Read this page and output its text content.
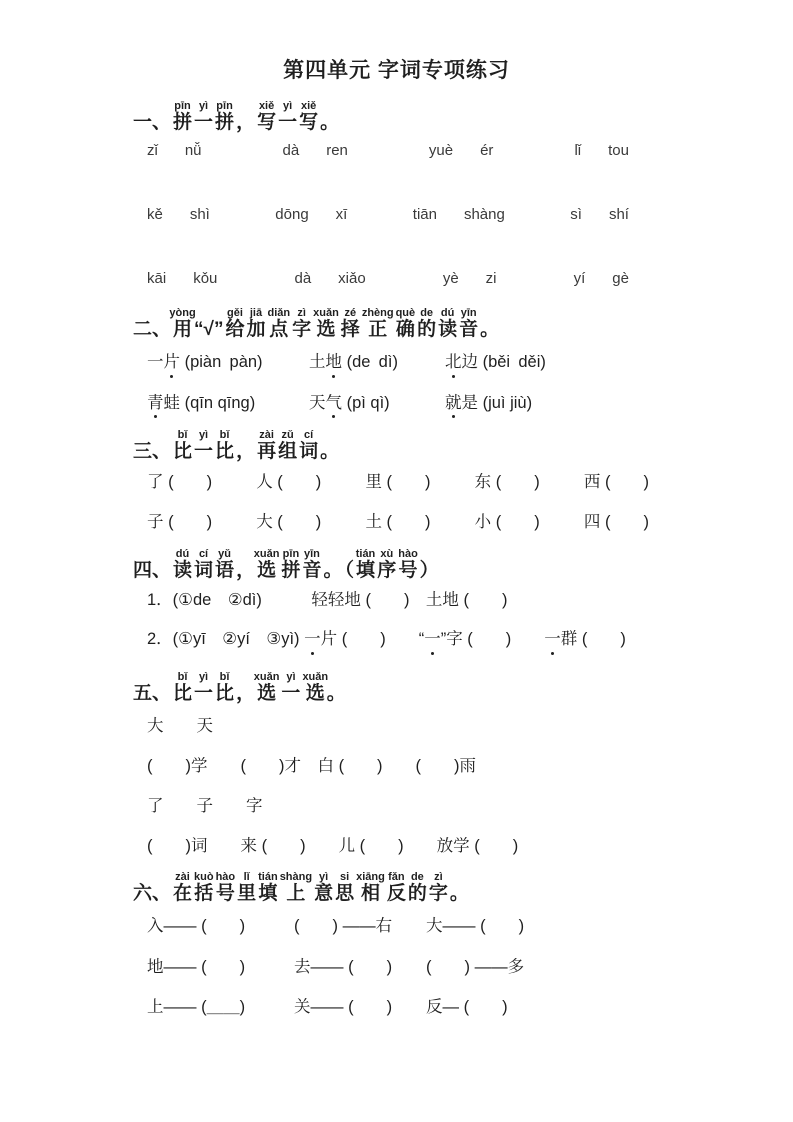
第四单元 字词专项练习
一、 拼pīn一yì拼pīn， 写xiě一yì写xiě。
zǐ nǚ	dà ren	yuè ér	lǐ tou
kě shì	dōng xī	tiān shàng	sì shí
kāi kǒu	dà xiǎo	yè zi	yí gè
二、用yòng“√” 给gěi加jiā点diǎn字zì选xuǎn择zé正zhèng确què的de读dú音yīn。
一片 (piàn pàn)	土地 (de dì)	北边 (běi děi)
青蛙 (qīn qīng)	天气 (pì qì)	就是 (juì jiù)
三、 比bǐ一yì比bǐ， 再zài组zǔ词cí。
了 (  )	人 (  )	里 (  )	东 (  )	西 (  )
子 (  )	大 (  )	土 (  )	小 (  )	四 (  )
四、 读dú词cí语yǔ，选xuǎn拼pīn音yīn。 （填tián序xù号hào）
1．(①de　②dì)　　　轻轻地 (  )　土地 (  )
2．(①yī　②yí　③yì) 一片 (  )　　“一”字 (  )　　一群 (  )
五、 比bǐ一yì比bǐ，选xuǎn一yì选xuǎn。
大　　天
(  )学　　(  )才　白 (  )　　(  )雨
了　　子　　字
(  )词　　来 (  )　　儿 (  )　　放学 (  )
六、 在zài括kuò号hào里lǐ填tián上shàng意yì思si相xiāng反fǎn的de字zì。
入—— (  )	(  ) ——右	大—— (  )
地—— (  )	去—— (  )	(  ) ——多
上—— (＿＿)	关—— (  )	反— (  )
